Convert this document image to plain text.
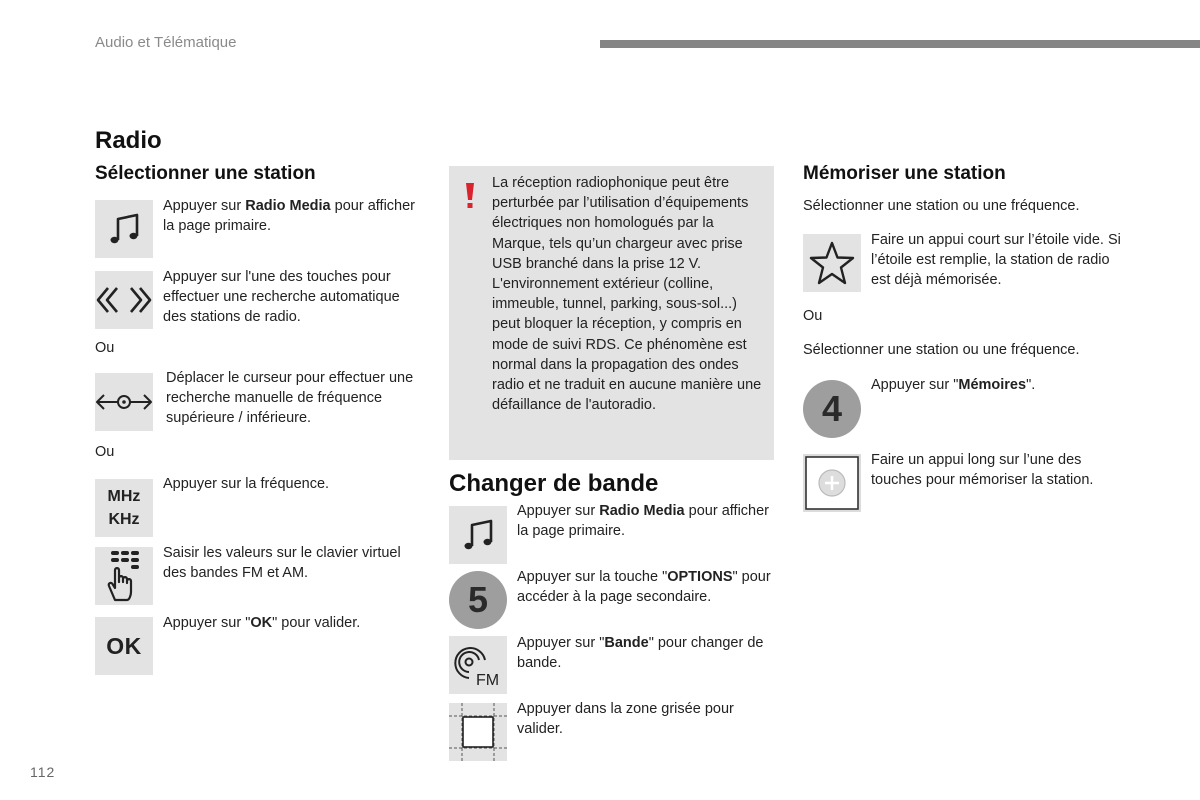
Audio et Télématique
Radio
Sélectionner une station
Appuyer sur Radio Media pour afficher la page primaire.
Appuyer sur l'une des touches pour effectuer une recherche automatique des stations de radio.
Ou
Déplacer le curseur pour effectuer une recherche manuelle de fréquence supérieure / inférieure.
Ou
MHz
KHz
Appuyer sur la fréquence.
Saisir les valeurs sur le clavier virtuel des bandes FM et AM.
OK
Appuyer sur "OK" pour valider.
La réception radiophonique peut être perturbée par l’utilisation d’équipements électriques non homologués par la Marque, tels qu’un chargeur avec prise USB branché dans la prise 12 V.
L'environnement extérieur (colline, immeuble, tunnel, parking, sous-sol...) peut bloquer la réception, y compris en mode de suivi RDS. Ce phénomène est normal dans la propagation des ondes radio et ne traduit en aucune manière une défaillance de l'autoradio.
Changer de bande
Appuyer sur Radio Media pour afficher la page primaire.
5
Appuyer sur la touche "OPTIONS" pour accéder à la page secondaire.
FM
Appuyer sur "Bande" pour changer de bande.
Appuyer dans la zone grisée pour valider.
Mémoriser une station
Sélectionner une station ou une fréquence.
Faire un appui court sur l’étoile vide. Si l’étoile est remplie, la station de radio est déjà mémorisée.
Ou
Sélectionner une station ou une fréquence.
4
Appuyer sur "Mémoires".
Faire un appui long sur l’une des touches pour mémoriser la station.
112
